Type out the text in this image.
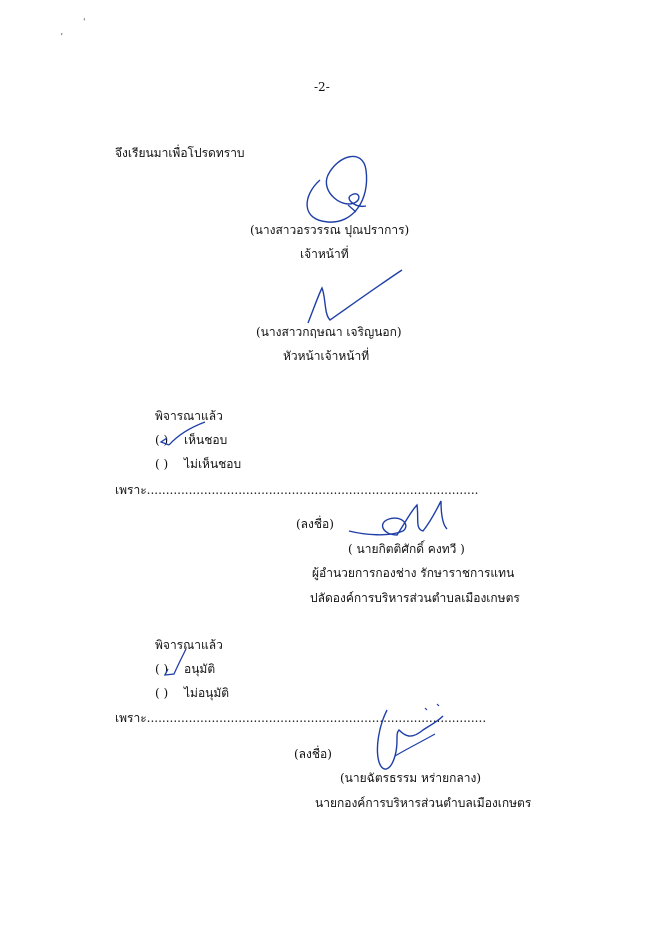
'
ʼ
-2-
จึงเรียนมาเพื่อโปรดทราบ
(นางสาวอรวรรณ ปุณปราการ)
เจ้าหน้าที่
(นางสาวกฤษณา เจริญนอก)
หัวหน้าเจ้าหน้าที่
พิจารณาแล้ว
( ) เห็นชอบ
( ) ไม่เห็นชอบ
เพราะ.......................................................................................
(ลงชื่อ)
( นายกิตติศักดิ์ คงทวี )
ผู้อำนวยการกองช่าง รักษาราชการแทน
ปลัดองค์การบริหารส่วนตำบลเมืองเกษตร
พิจารณาแล้ว
( ) อนุมัติ
( ) ไม่อนุมัติ
เพราะ.........................................................................................
(ลงชื่อ)
(นายฉัตรธรรม หร่ายกลาง)
นายกองค์การบริหารส่วนตำบลเมืองเกษตร
